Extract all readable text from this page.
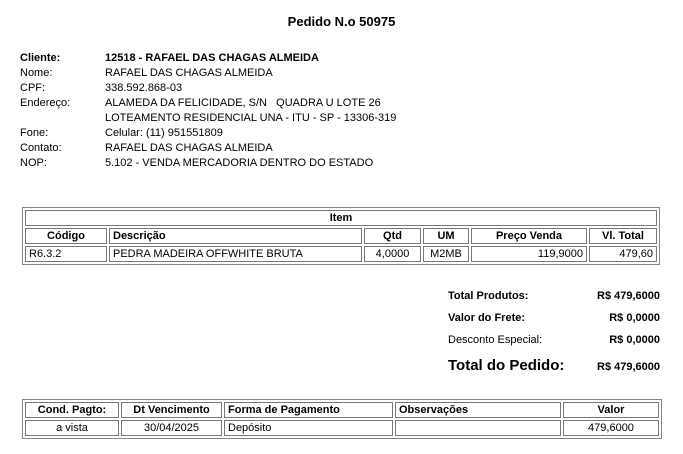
Pedido N.o 50975
Cliente:	12518 - RAFAEL DAS CHAGAS ALMEIDA
Nome:	RAFAEL DAS CHAGAS ALMEIDA
CPF:	338.592.868-03
Endereço:	ALAMEDA DA FELICIDADE, S/N   QUADRA U LOTE 26
LOTEAMENTO RESIDENCIAL UNA - ITU - SP - 13306-319
Fone:	Celular: (11) 951551809
Contato:	RAFAEL DAS CHAGAS ALMEIDA
NOP:	5.102 - VENDA MERCADORIA DENTRO DO ESTADO
Item					
Código	Descrição	Qtd	UM	Preço Venda	Vl. Total
R6.3.2	PEDRA MADEIRA OFFWHITE BRUTA	4,0000	M2MB	119,9000	479,60
Total Produtos:	R$ 479,6000
Valor do Frete:	R$ 0,0000
Desconto Especial:	R$ 0,0000
Total do Pedido:	R$ 479,6000
Cond. Pagto:	Dt Vencimento	Forma de Pagamento	Observações	Valor
a vista	30/04/2025	Depósito		479,6000
